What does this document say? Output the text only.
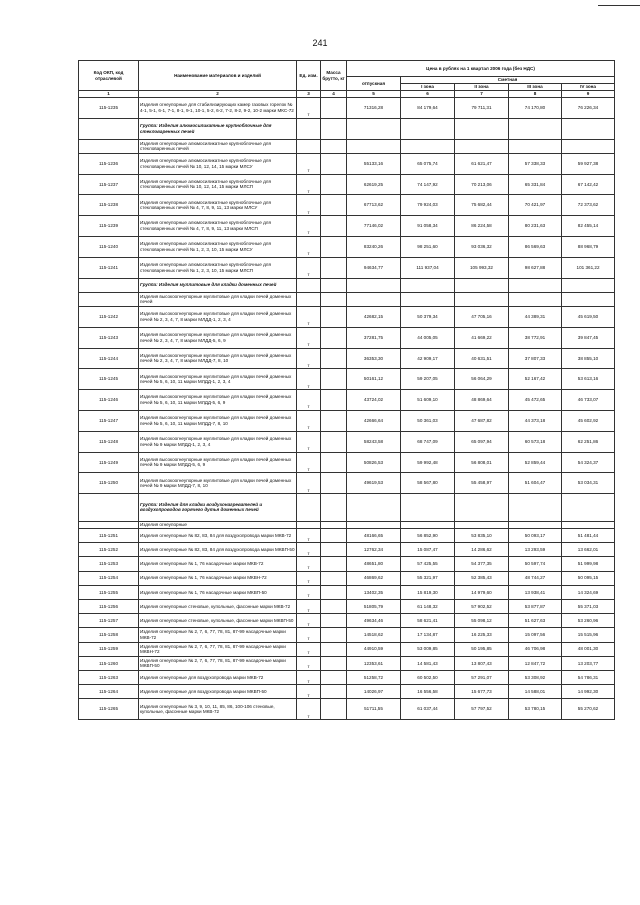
241
Код ОКП, код отраслевой	Наименование материалов и изделий	Ед. изм.	Масса брутто, кг	Цена в рублях на 1 квартал 2006 года (без НДС)				
				отпускная	Сметная			
					I зона	II зона	III зона	IV зона
1	2	3	4	5	6	7	8	9
115-1235	Изделия огнеупорные для стабилизирующих камер газовых горелок № 4-1, 5-1, 6-1, 7-1, 8-1, 9-1, 10-1, 5-2, 6-2, 7-2, 8-2, 9-2, 10-2 марки МКС-72	т		71316,28	84 179,64	79 711,31	74 170,80	76 226,34
	Группа: Изделия алюмосиликатные крупноблочные для стекловаренных печей							
	Изделия огнеупорные алюмосиликатные крупноблочные для стекловаренных печей							
115-1236	Изделия огнеупорные алюмосиликатные крупноблочные для стекловаренных печей № 10, 12, 14, 15 марки МЛСУ	т		55133,16	65 075,74	61 621,47	57 338,33	59 927,38
115-1237	Изделия огнеупорные алюмосиликатные крупноблочные для стекловаренных печей № 10, 12, 14, 15 марки МЛСП	т		62619,25	74 147,92	70 213,06	65 331,84	67 142,42
115-1238	Изделия огнеупорные алюмосиликатные крупноблочные для стекловаренных печей № 4, 7, 8, 9, 11, 13 марки МЛСУ	т		67713,62	79 924,03	75 682,44	70 421,97	72 373,62
115-1239	Изделия огнеупорные алюмосиликатные крупноблочные для стекловаренных печей № 4, 7, 8, 9, 11, 13 марки МЛСП	т		77146,02	91 058,34	86 224,58	80 231,63	82 455,14
115-1240	Изделия огнеупорные алюмосиликатные крупноблочные для стекловаренных печей № 1, 2, 3, 10, 15 марки МЛСУ	т		83240,26	98 251,60	93 036,32	86 569,63	88 968,79
115-1241	Изделия огнеупорные алюмосиликатные крупноблочные для стекловаренных печей № 1, 2, 3, 10, 15 марки МЛСП	т		94634,77	111 937,04	105 993,32	98 627,88	101 361,22
	Группа: Изделия муллитовые для кладки доменных печей							
	Изделия высокоогнеупорные муллитовые для кладки печей доменных печей							
115-1242	Изделия высокоогнеупорные муллитовые для кладки печей доменных печей № 2, 3, 4, 7, 8 марки МЛДД-1, 2, 3, 4	т		42682,15	50 379,34	47 705,16	44 389,31	45 619,50
115-1243	Изделия высокоогнеупорные муллитовые для кладки печей доменных печей № 2, 3, 4, 7, 8 марки МЛДД-5, 6, 9	т		37281,75	44 005,05	41 669,22	38 772,91	39 847,45
115-1244	Изделия высокоогнеупорные муллитовые для кладки печей доменных печей № 2, 3, 4, 7, 8 марки МЛДД-7, 8, 10	т		36353,30	42 909,17	40 631,51	37 807,33	38 855,10
115-1245	Изделия высокоогнеупорные муллитовые для кладки печей доменных печей № 5, 6, 10, 11 марки МЛДД-1, 2, 3, 4	т		50161,12	59 207,05	56 064,29	52 167,42	53 613,16
115-1246	Изделия высокоогнеупорные муллитовые для кладки печей доменных печей № 5, 6, 10, 11 марки МЛДД-5, 6, 9	т		43724,02	51 609,10	48 869,64	45 472,65	46 733,07
115-1247	Изделия высокоогнеупорные муллитовые для кладки печей доменных печей № 5, 6, 10, 11 марки МЛДД-7, 8, 10	т		42666,64	50 361,03	47 687,82	44 373,18	45 602,92
115-1248	Изделия высокоогнеупорные муллитовые для кладки печей доменных печей № 9 марки МЛДД-1, 2, 3, 4	т		58243,58	68 747,09	65 097,94	60 573,18	62 251,86
115-1249	Изделия высокоогнеупорные муллитовые для кладки печей доменных печей № 9 марки МЛДД-5, 6, 9	т		50826,53	59 992,48	56 808,01	52 859,44	54 324,37
115-1250	Изделия высокоогнеупорные муллитовые для кладки печей доменных печей № 9 марки МЛДД-7, 8, 10	т		49619,53	58 567,80	55 458,97	51 604,47	53 034,31
	Группа: Изделия для кладки воздухонагревателей и воздухопроводов горячего дутья доменных печей							
	Изделия огнеупорные							
115-1251	Изделия огнеупорные № 82, 83, 84 для воздухопровода марки МКВ-72	т		48166,65	56 852,90	53 835,10	50 093,17	51 481,44
115-1252	Изделия огнеупорные № 82, 83, 84 для воздухопровода марки МКВП-50	т		12762,34	15 087,47	14 286,62	13 293,59	13 662,01
115-1253	Изделия огнеупорные № 1, 76 насадочные марки МКВ-72	т		48651,80	57 425,55	54 377,35	50 597,74	51 999,98
115-1254	Изделия огнеупорные № 1, 76 насадочные марки МКВН-72	т		46869,62	55 321,97	52 385,43	48 744,27	50 095,15
115-1255	Изделия огнеупорные № 1, 76 насадочные марки МКВП-50	т		13402,35	15 819,30	14 979,60	13 938,41	14 324,69
115-1256	Изделия огнеупорные стеновые, купольные, фасонные марки МКВ-72	т		51805,79	61 148,32	57 902,52	53 877,87	55 371,03
115-1257	Изделия огнеупорные стеновые, купольные, фасонные марки МКВП-50	т		49634,46	58 621,41	55 098,12	51 627,63	53 260,96
115-1258	Изделия огнеупорные № 2, 7, 6, 77, 78, 81, 87-99 насадочные марки МКВ-72	т		14518,62	17 134,87	16 225,33	15 097,56	15 515,96
115-1259	Изделия огнеупорные № 2, 7, 6, 77, 78, 81, 87-99 насадочные марки МКВН-72	т		44910,59	53 009,85	50 195,85	46 706,98	48 001,30
115-1260	Изделия огнеупорные № 2, 7, 6, 77, 78, 81, 87-99 насадочные марки МКВП-50	т		12353,61	14 581,43	13 807,43	12 847,72	13 203,77
115-1263	Изделия огнеупорные для воздухопровода марки МКВ-72	т		51258,72	60 502,50	57 291,07	53 308,92	54 786,31
115-1264	Изделия огнеупорные для воздухопровода марки МКВП-50	т		14026,97	16 556,58	15 677,73	14 588,01	14 992,30
115-1265	Изделия огнеупорные № 3, 9, 10, 11, 85, 86, 100-106 стеновые, купольные, фасонные марки МКВ-72	т		51711,55	61 037,44	57 797,52	53 780,15	55 270,62
